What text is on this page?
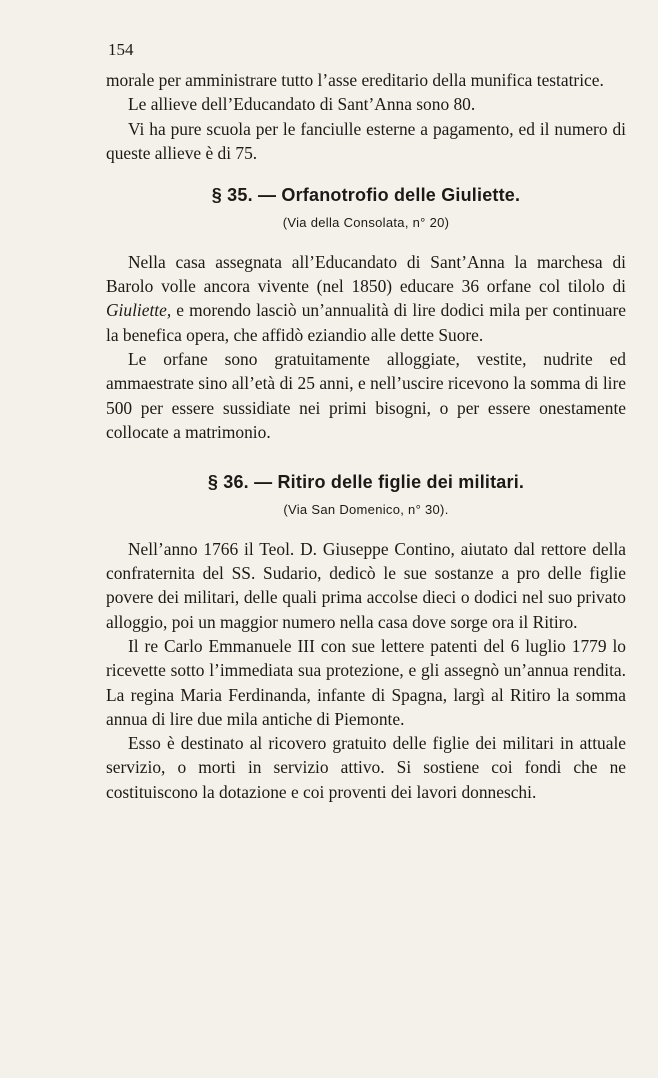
154

morale per amministrare tutto l’asse ereditario della munifica testatrice.

Le allieve dell’Educandato di Sant’Anna sono 80.

Vi ha pure scuola per le fanciulle esterne a pagamento, ed il numero di queste allieve è di 75.

§ 35. — Orfanotrofio delle Giuliette.
(Via della Consolata, n° 20)

Nella casa assegnata all’Educandato di Sant’Anna la marchesa di Barolo volle ancora vivente (nel 1850) educare 36 orfane col tilolo di Giuliette, e morendo lasciò un’annualità di lire dodici mila per continuare la benefica opera, che affidò eziandio alle dette Suore.

Le orfane sono gratuitamente alloggiate, vestite, nudrite ed ammaestrate sino all’età di 25 anni, e nell’uscire ricevono la somma di lire 500 per essere sussidiate nei primi bisogni, o per essere onestamente collocate a matrimonio.

§ 36. — Ritiro delle figlie dei militari.
(Via San Domenico, n° 30).

Nell’anno 1766 il Teol. D. Giuseppe Contino, aiutato dal rettore della confraternita del SS. Sudario, dedicò le sue sostanze a pro delle figlie povere dei militari, delle quali prima accolse dieci o dodici nel suo privato alloggio, poi un maggior numero nella casa dove sorge ora il Ritiro.

Il re Carlo Emmanuele III con sue lettere patenti del 6 luglio 1779 lo ricevette sotto l’immediata sua protezione, e gli assegnò un’annua rendita. La regina Maria Ferdinanda, infante di Spagna, largì al Ritiro la somma annua di lire due mila antiche di Piemonte.

Esso è destinato al ricovero gratuito delle figlie dei militari in attuale servizio, o morti in servizio attivo. Si sostiene coi fondi che ne costituiscono la dotazione e coi proventi dei lavori donneschi.
